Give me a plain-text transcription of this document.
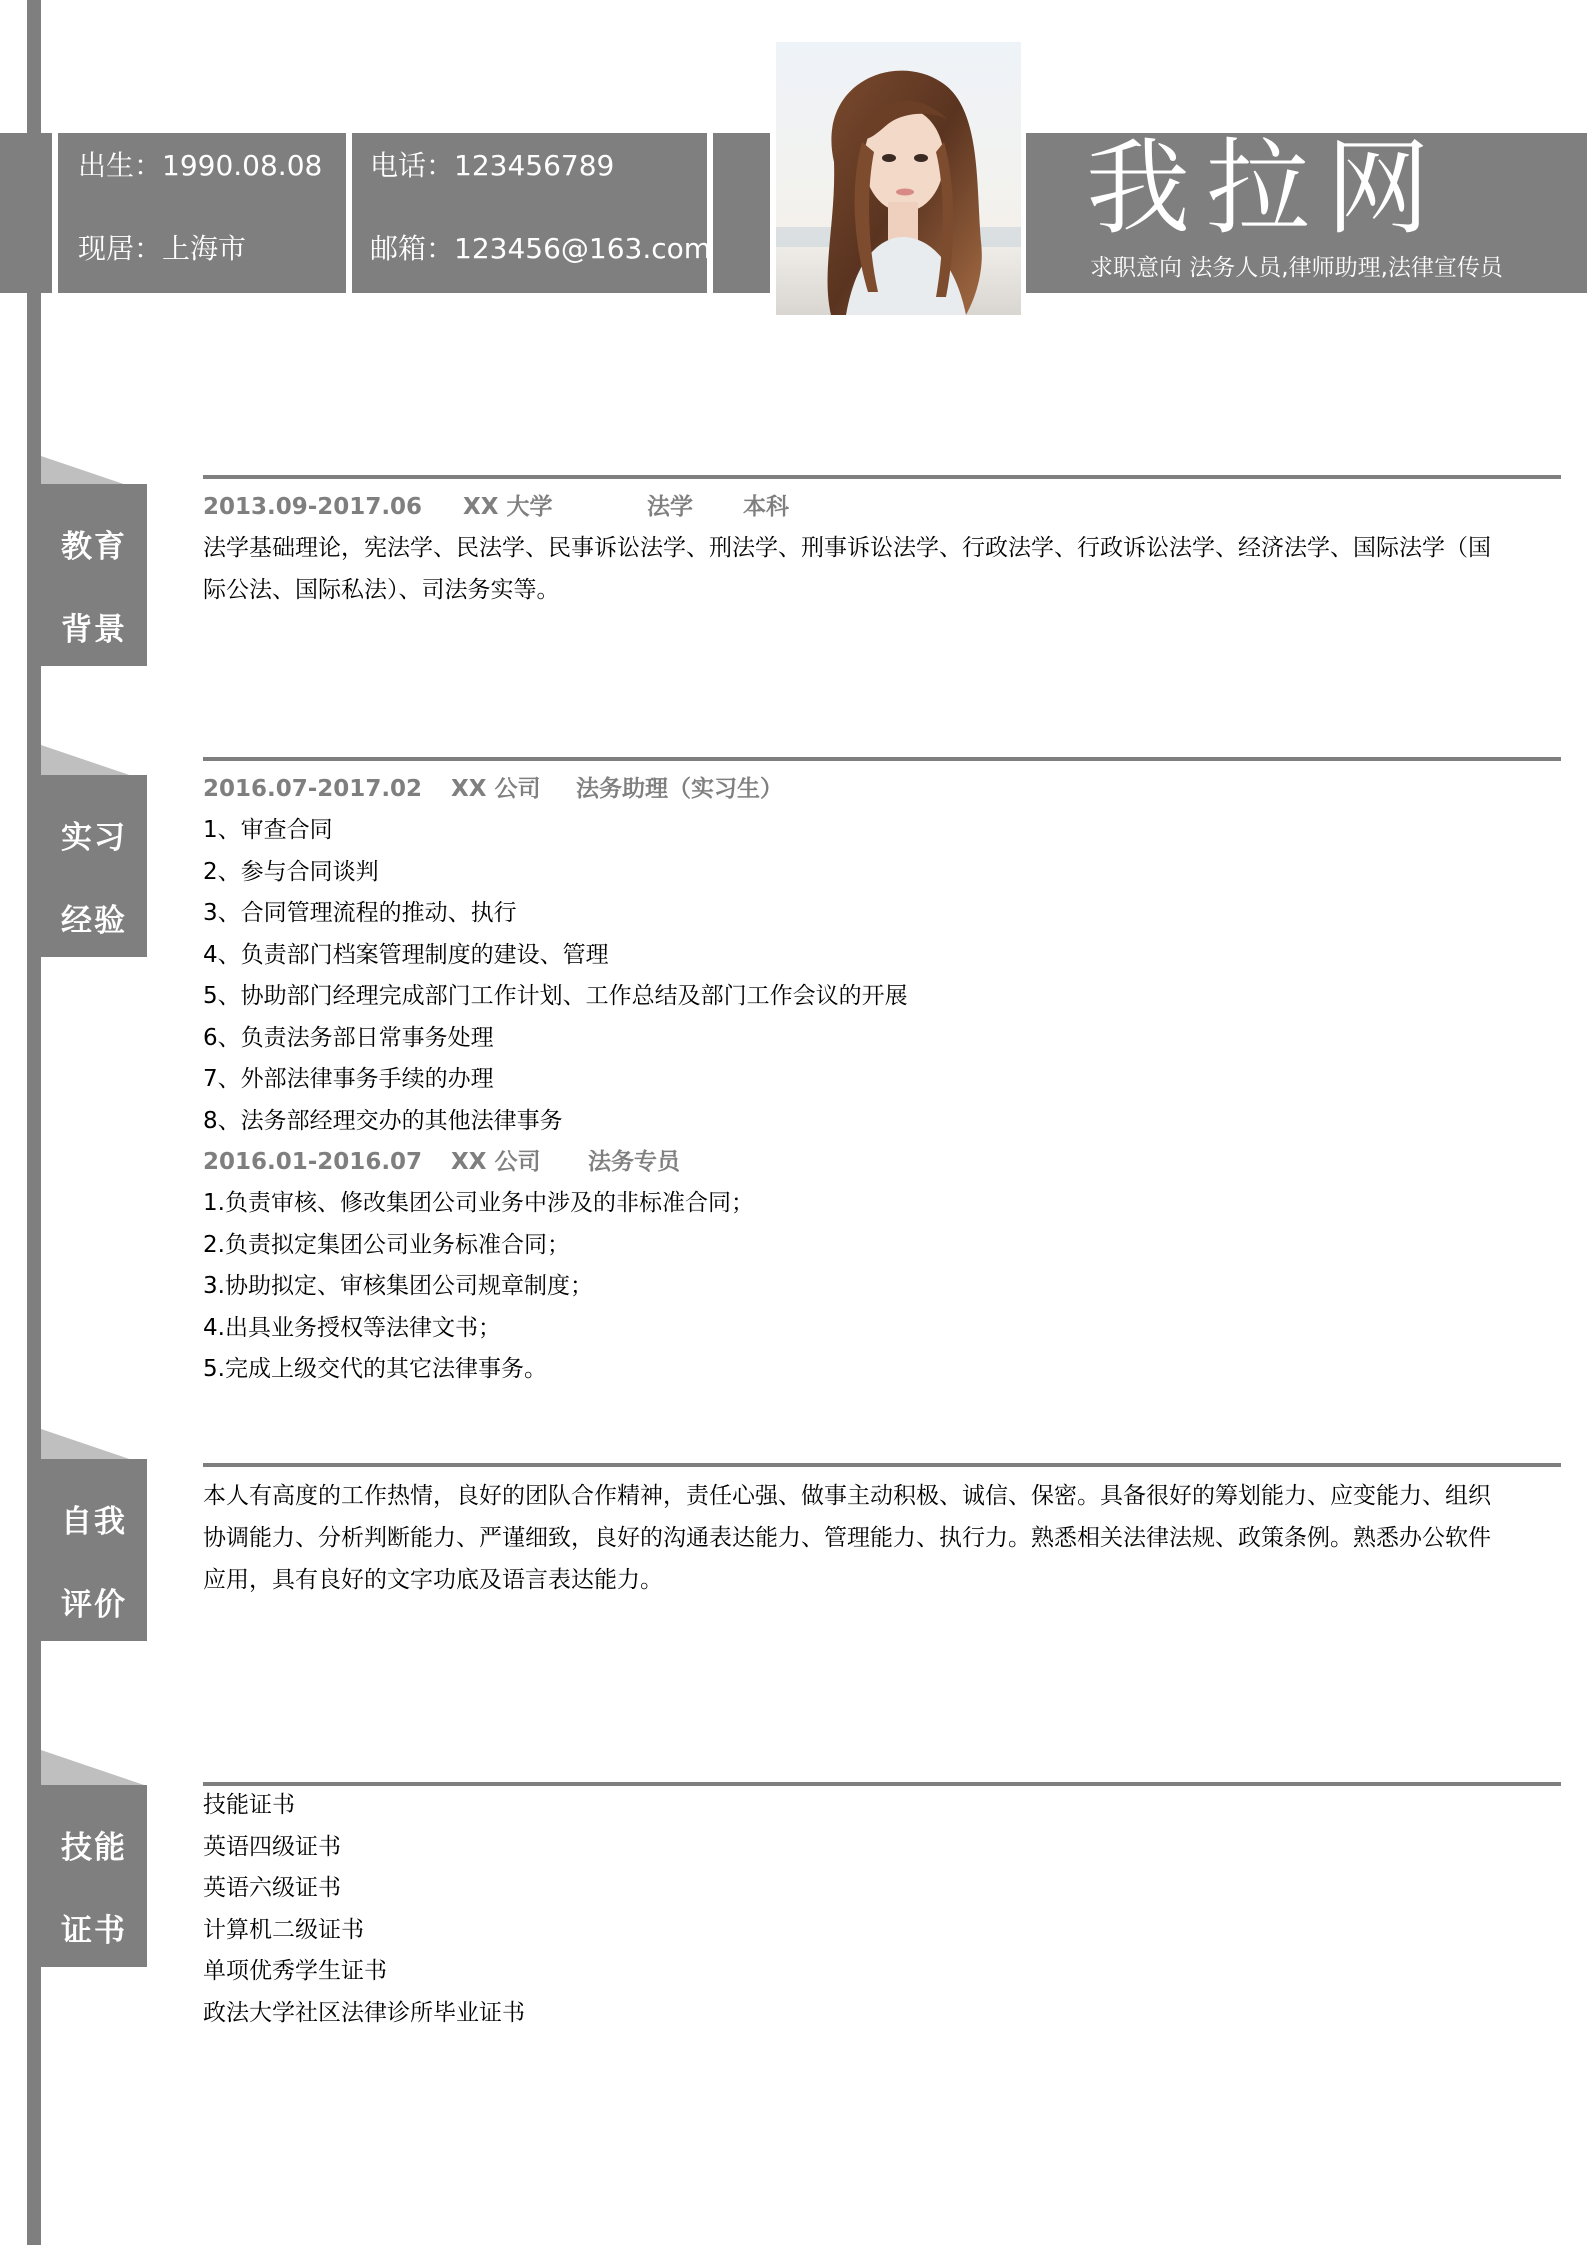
出生：1990.08.08
现居：上海市
电话：123456789
邮箱：123456@163.com	我拉网
求职意向 法务人员,律师助理,法律宣传员
教育
背景
2013.09-2017.06 XX 大学	法学 本科
法学基础理论，宪法学、民法学、民事诉讼法学、刑法学、刑事诉讼法学、行政法学、行政诉讼法学、经济法学、国际法学（国际公法、国际私法）、司法务实等。
实习
经验
2016.07-2017.02 XX 公司 法务助理（实习生）
1、审查合同
2、参与合同谈判
3、合同管理流程的推动、执行
4、负责部门档案管理制度的建设、管理
5、协助部门经理完成部门工作计划、工作总结及部门工作会议的开展
6、负责法务部日常事务处理
7、外部法律事务手续的办理
8、法务部经理交办的其他法律事务
2016.01-2016.07 XX 公司 法务专员
1.负责审核、修改集团公司业务中涉及的非标准合同；
2.负责拟定集团公司业务标准合同；
3.协助拟定、审核集团公司规章制度；
4.出具业务授权等法律文书；
5.完成上级交代的其它法律事务。
自我
评价
本人有高度的工作热情，良好的团队合作精神，责任心强、做事主动积极、诚信、保密。具备很好的筹划能力、应变能力、组织协调能力、分析判断能力、严谨细致，良好的沟通表达能力、管理能力、执行力。熟悉相关法律法规、政策条例。熟悉办公软件应用，具有良好的文字功底及语言表达能力。
技能
证书
技能证书
英语四级证书
英语六级证书
计算机二级证书
单项优秀学生证书
政法大学社区法律诊所毕业证书
